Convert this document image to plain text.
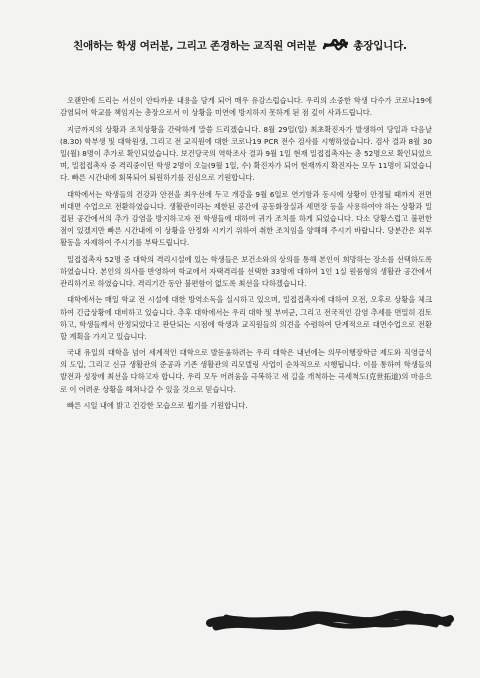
친애하는 학생 여러분, 그리고 존경하는 교직원 여러분	총장입니다.

오랜만에 드리는 서신이 안타까운 내용을 담게 되어 매우 유감스럽습니다. 우리의 소중한 학생 다수가 코로나19에 감염되어 학교를 책임지는 총장으로서 이 상황을 미연에 방지하지 못하게 된 점 깊이 사과드립니다.

지금까지의 상황과 조치상황을 간략하게 말씀 드리겠습니다. 8월 29일(일) 최초확진자가 발생하여 당일과 다음날(8.30) 학부생 및 대학원생, 그리고 전 교직원에 대한 코로나19 PCR 전수 검사를 시행하였습니다. 검사 결과 8월 30일(월) 8명이 추가로 확인되었습니다. 보건당국의 역학조사 결과 9월 1일 현재 밀접접촉자는 총 52명으로 확인되었으며, 밀접접촉자 중 격리중이던 학생 2명이 오늘(9월 1일, 수) 확진자가 되어 현재까지 확진자는 모두 11명이 되었습니다. 빠른 시간내에 회복되어 퇴원하기를 진심으로 기원합니다.

대학에서는 학생들의 건강과 안전을 최우선에 두고 개강을 9월 6일로 연기함과 동시에 상황이 안정될 때까지 전면 비대면 수업으로 전환하였습니다. 생활관이라는 제한된 공간에 공동화장실과 세면장 등을 사용하여야 하는 상황과 밀접된 공간에서의 추가 감염을 방지하고자 전 학생들에 대하여 귀가 조치를 하게 되었습니다. 다소 당황스럽고 불편한 점이 있겠지만 빠른 시간내에 이 상황을 안정화 시키기 위하여 취한 조치임을 양해해 주시기 바랍니다. 당분간은 외부활동을 자제하여 주시기를 부탁드립니다.

밀접접촉자 52명 중 대학의 격리시설에 있는 학생들은 보건소와의 상의를 통해 본인이 희망하는 장소를 선택하도록 하였습니다. 본인의 의사를 반영하여 학교에서 자택격리를 선택한 33명에 대하여 1인 1실 원룸형의 생활관 공간에서 관리하기로 하였습니다. 격리기간 동안 불편함이 없도록 최선을 다하겠습니다.

대학에서는 매일 학교 전 시설에 대한 방역소독을 실시하고 있으며, 밀접접촉자에 대하여 오전, 오후로 상황을 체크하여 긴급상황에 대비하고 있습니다. 추후 대학에서는 우리 대학 및 부여군, 그리고 전국적인 감염 추세를 면밀히 검토하고, 학생들께서 안정되었다고 판단되는 시점에 학생과 교직원들의 의견을 수렴하여 단계적으로 대면수업으로 전환할 계획을 가지고 있습니다.

국내 유일의 대학을 넘어 세계적인 대학으로 발돋움하려는 우리 대학은 내년에는 의무이행장학금 제도와 직영급식의 도입, 그리고 신규 생활관의 준공과 기존 생활관의 리모델링 사업이 순차적으로 시행됩니다. 이를 통하여 학생들의 발전과 성장에 최선을 다하고자 합니다. 우리 모두 어려움을 극복하고 새 길을 개척하는 극세척도(克世拓道)의 마음으로 이 어려운 상황을 헤쳐나갈 수 있을 것으로 믿습니다.

빠른 시일 내에 밝고 건강한 모습으로 뵙기를 기원합니다.
